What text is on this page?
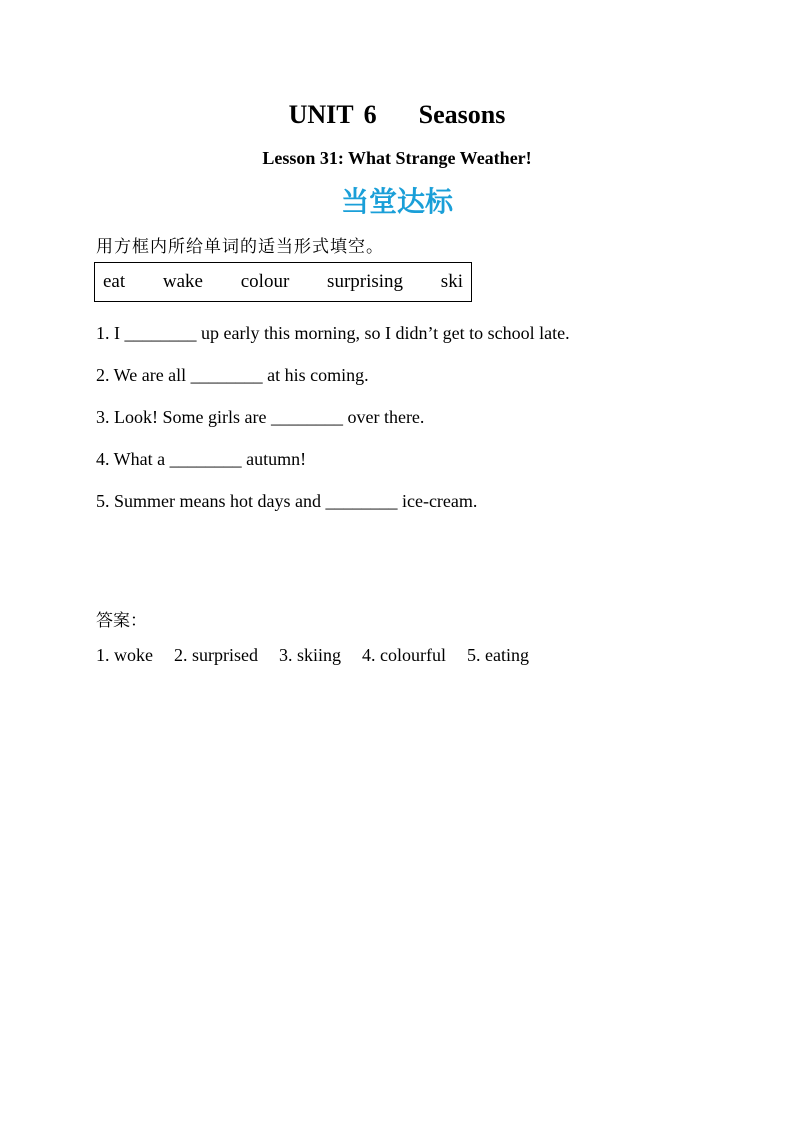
UNIT 6    Seasons
Lesson 31: What Strange Weather!
当堂达标
用方框内所给单词的适当形式填空。
eat wake colour surprising ski
1. I ________ up early this morning, so I didn’t get to school late.
2. We are all ________ at his coming.
3. Look! Some girls are ________ over there.
4. What a ________ autumn!
5. Summer means hot days and ________ ice-cream.
答案：
1. woke 2. surprised 3. skiing 4. colourful 5. eating
